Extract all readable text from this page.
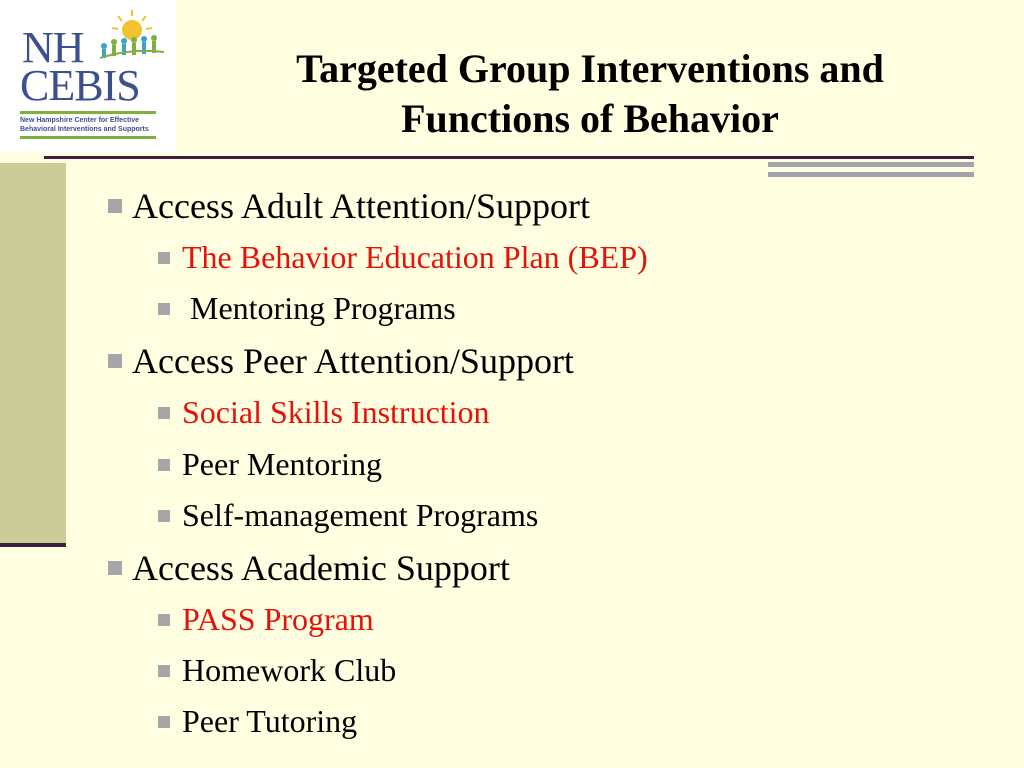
NH
CEBIS
New Hampshire Center for Effective Behavioral Interventions and Supports
Targeted Group Interventions and
Functions of Behavior
Access Adult Attention/Support
The Behavior Education Plan (BEP)
Mentoring Programs
Access Peer Attention/Support
Social Skills Instruction
Peer Mentoring
Self-management Programs
Access Academic Support
PASS Program
Homework Club
Peer Tutoring
